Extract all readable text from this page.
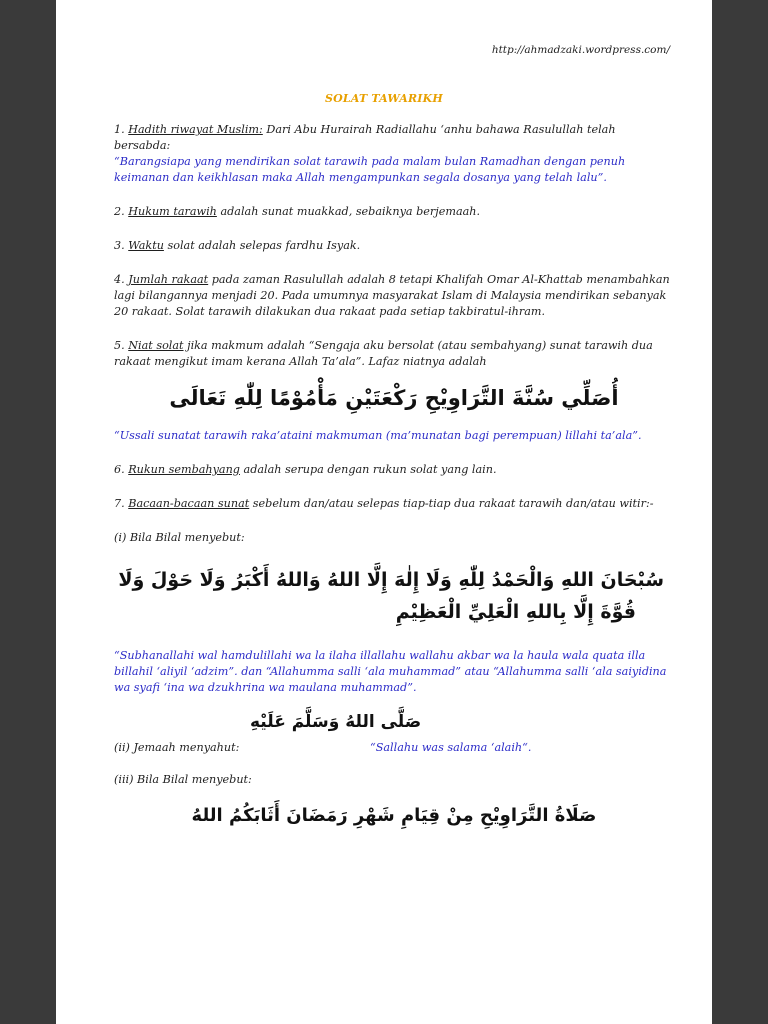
http://ahmadzaki.wordpress.com/
SOLAT TAWARIKH

1. Hadith riwayat Muslim: Dari Abu Hurairah Radiallahu ‘anhu bahawa Rasulullah telah bersabda:
“Barangsiapa yang mendirikan solat tarawih pada malam bulan Ramadhan dengan penuh keimanan dan keikhlasan maka Allah mengampunkan segala dosanya yang telah lalu”.

2. Hukum tarawih adalah sunat muakkad, sebaiknya berjemaah.

3. Waktu solat adalah selepas fardhu Isyak.

4. Jumlah rakaat pada zaman Rasulullah adalah 8 tetapi Khalifah Omar Al-Khattab menambahkan lagi bilangannya menjadi 20. Pada umumnya masyarakat Islam di Malaysia mendirikan sebanyak 20 rakaat. Solat tarawih dilakukan dua rakaat pada setiap takbiratul-ihram.

5. Niat solat jika makmum adalah “Sengaja aku bersolat (atau sembahyang) sunat tarawih dua rakaat mengikut imam kerana Allah Ta’ala”. Lafaz niatnya adalah

أُصَلِّي سُنَّةَ التَّرَاوِيْحِ رَكْعَتَيْنِ مَأْمُوْمًا لِلّٰهِ تَعَالَى

“Ussali sunatat tarawih raka’ataini makmuman (ma’munatan bagi perempuan) lillahi ta’ala”.

6. Rukun sembahyang adalah serupa dengan rukun solat yang lain.

7. Bacaan-bacaan sunat sebelum dan/atau selepas tiap-tiap dua rakaat tarawih dan/atau witir:-

(i) Bila Bilal menyebut:

سُبْحَانَ اللهِ وَالْحَمْدُ لِلّٰهِ وَلَا إِلٰهَ إِلَّا اللهُ وَاللهُ أَكْبَرُ وَلَا حَوْلَ وَلَا
قُوَّةَ إِلَّا بِاللهِ الْعَلِيِّ الْعَظِيْمِ

“Subhanallahi wal hamdulillahi wa la ilaha illallahu wallahu akbar wa la haula wala quata illa billahil ‘aliyil ‘adzim”. dan “Allahumma salli ‘ala muhammad” atau “Allahumma salli ‘ala saiyidina wa syafi ‘ina wa dzukhrina wa maulana muhammad”.

(ii) Jemaah menyahut:
صَلَّى اللهُ وَسَلَّمَ عَلَيْهِ
“Sallahu was salama ‘alaih“.

(iii) Bila Bilal menyebut:

صَلَاةُ التَّرَاوِيْحِ مِنْ قِيَامِ شَهْرِ رَمَضَانَ أَثَابَكُمُ اللهُ
